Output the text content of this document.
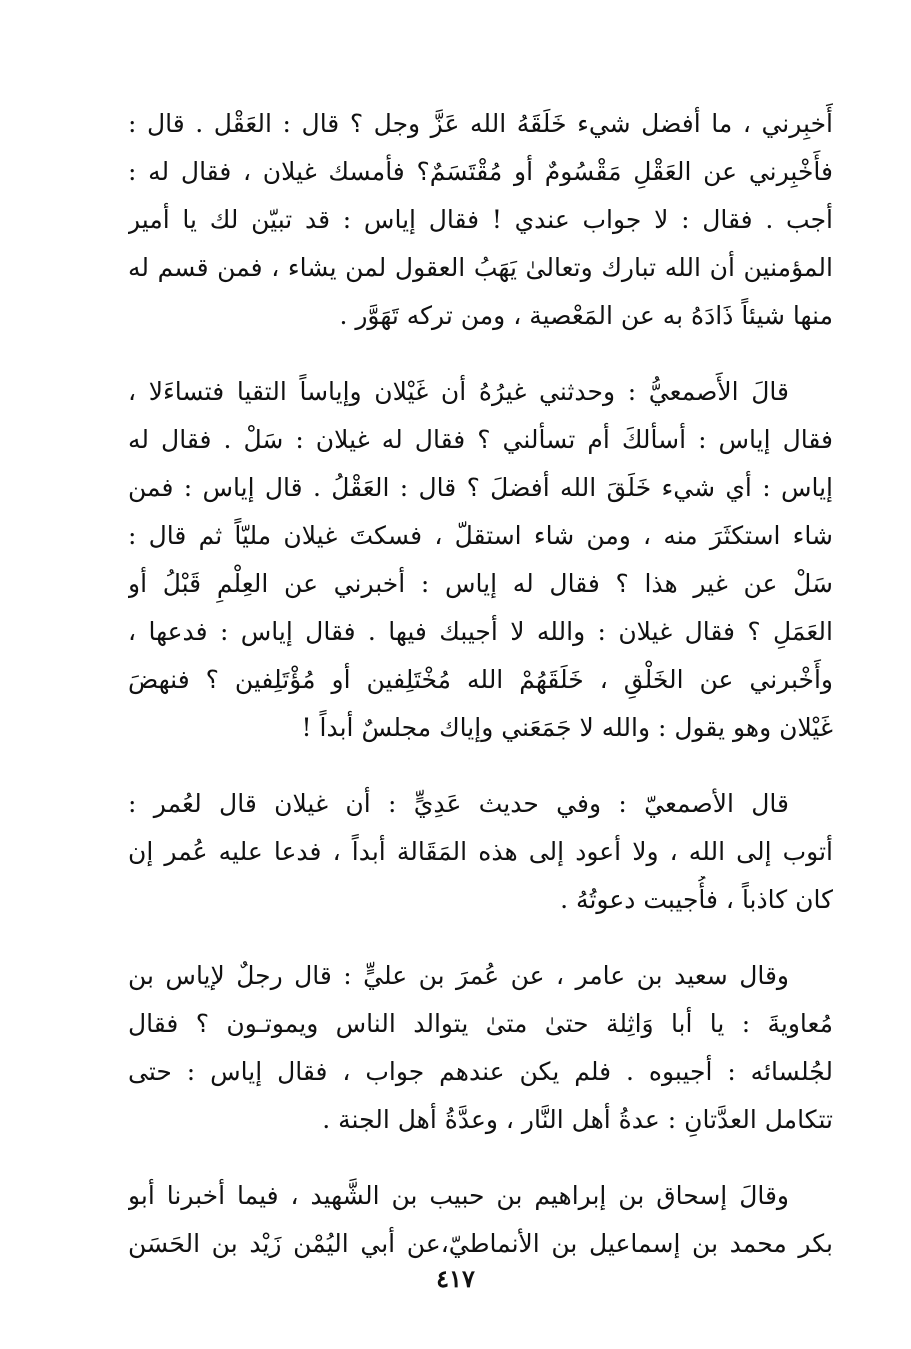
أَخبِرني ، ما أفضل شيء خَلَقَهُ الله عَزَّ وجل ؟ قال : العَقْل . قال :
فأَخْبِرني عن العَقْلِ مَقْسُومٌ أو مُقْتَسَمٌ؟ فأمسك غيلان ، فقال له :
أجب . فقال : لا جواب عندي ! فقال إياس : قد تبيّن لك يا أمير
المؤمنين أن الله تبارك وتعالىٰ يَهَبُ العقول لمن يشاء ، فمن قسم له
منها شيئاً ذَادَهُ به عن المَعْصية ، ومن تركه تَهَوَّر .
قالَ الأَصمعيُّ : وحدثني غيرُهُ أن غَيْلان وإياساً التقيا فتساءَلا ،
فقال إياس : أسألكَ أم تسألني ؟ فقال له غيلان : سَلْ . فقال له
إياس : أي شيء خَلَقَ الله أفضلَ ؟ قال : العَقْلُ . قال إياس : فمن
شاء استكثَرَ منه ، ومن شاء استقلّ ، فسكتَ غيلان مليّاً ثم قال :
سَلْ عن غير هذا ؟ فقال له إياس : أخبرني عن العِلْمِ قَبْلُ أو
العَمَلِ ؟ فقال غيلان : والله لا أجيبك فيها . فقال إياس : فدعها ،
وأَخْبرني عن الخَلْقِ ، خَلَقَهُمْ الله مُخْتَلِفين أو مُؤْتَلِفين ؟ فنهضَ
غَيْلان وهو يقول : والله لا جَمَعَني وإياك مجلسٌ أبداً !
قال الأصمعيّ : وفي حديث عَدِيٍّ : أن غيلان قال لعُمر :
أتوب إلى الله ، ولا أعود إلى هذه المَقَالة أبداً ، فدعا عليه عُمر إن
كان كاذباً ، فأُجيبت دعوتُهُ .
وقال سعيد بن عامر ، عن عُمرَ بن عليٍّ : قال رجلٌ لإياس بن
مُعاويةَ : يا أبا وَاثِلة حتىٰ متىٰ يتوالد الناس ويموتـون ؟ فقال
لجُلسائه : أجيبوه . فلم يكن عندهم جواب ، فقال إياس : حتى
تتكامل العدَّتانِ : عدةُ أهل النَّار ، وعدَّةُ أهل الجنة .
وقالَ إسحاق بن إبراهيم بن حبيب بن الشَّهيد ، فيما أخبرنا أبو
بكر محمد بن إسماعيل بن الأنماطيّ،عن أبي اليُمْن زَيْد بن الحَسَن
٤١٧
